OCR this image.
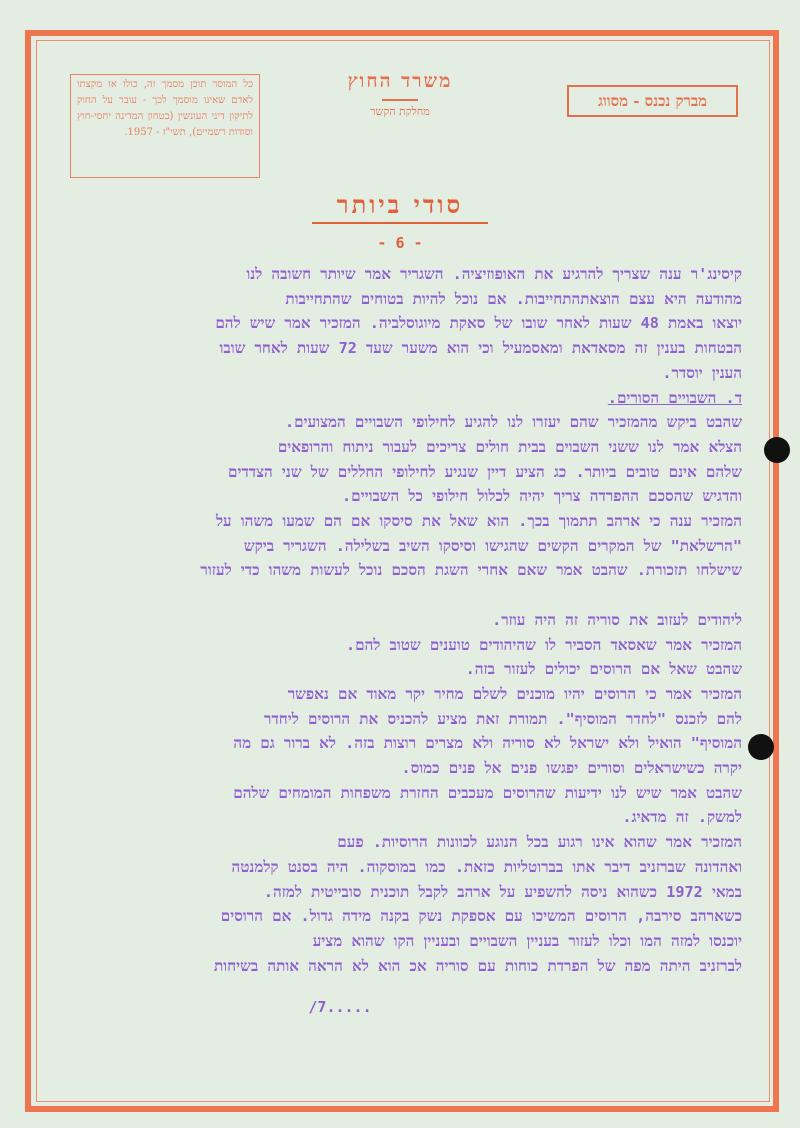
כל המוסר תוכן מסמך זה, כולו או מקצתו לאדם שאינו מוסמך לכך - עובר על החוק לתיקון דיני העונשין (בטחון המדינה יחסי-חוץ וסודות רשמיים), תשי"ז - 1957.
משרד החוץ
מחלקת הקשר
מברק נכנס - מסווג
סודי ביותר
- 6 -
קיסינג'ר ענה שצריך להרגיע את האופוזיציה. השגריר אמר שיותר חשובה לנו
מהודעה היא עצם הוצאתהתחייבות. אם נוכל להיות בטוחים שהתחייבות
יוצאו באמת 48 שעות לאחר שובו של סאקת מיוגוסלביה. המזכיר אמר שיש להם
הבטחות בענין זה מסאדאת ומאסמעיל וכי הוא משער שעד 72 שעות לאחר שובו
הענין יוסדר.
ד. השבויים הסורים.
שהבט ביקש מהמזכיר שהם יעזרו לנו להגיע לחילופי השבויים המצועים.
הצלא אמר לנו ששני השבוים בבית חולים צריכים לעבור ניתוח והרופאים
שלהם אינם טובים ביותר. כג הציע דיין שנגיע לחילופי החללים של שני הצדדים
והדגיש שהסכם ההפרדה צריך יהיה לכלול חילופי כל השבויים.
המזכיר ענה כי ארהב תתמוך בכך. הוא שאל את סיסקו אם הם שמעו משהו על
"הרשלאת" של המקרים הקשים שהגישו וסיסקו השיב בשלילה. השגריר ביקש
שישלחו תזכורת. שהבט אמר שאם אחרי השגת הסכם נוכל לעשות משהו כדי לעזור

ליהודים לעזוב את סוריה זה היה עוזר.
המזכיר אמר שאסאד הסביר לו שהיהודים טוענים שטוב להם.
שהבט שאל אם הרוסים יכולים לעזור בזה.
המזכיר אמר כי הרוסים יהיו מוכנים לשלם מחיר יקר מאוד אם נאפשר
להם לזכנס "לחדר המוסיף". תמורת זאת מציע להכניס את הרוסים ליחדר
המוסיף" הואיל ולא ישראל לא סוריה ולא מצרים רוצות בזה. לא ברור גם מה
יקרה כשישראלים וסורים יפגשו פנים אל פנים כמוס.
שהבט אמר שיש לנו ידיעות שהרוסים מעכבים החזרת משפחות המומחים שלהם
למשק. זה מדאיג.
המזכיר אמר שהוא אינו רגוע בכל הנוגע לכוונות הרוסיות. פעם
ואהדונה שברזניב דיבר אתו בברוטליות כזאת. כמו במוסקוה. היה בסנט קלמנטה
במאי 1972 כשהוא ניסה להשפיע על ארהב לקבל תוכנית סובייטית למזה.
כשארהב סירבה, הרוסים המשיכו עם אספקת נשק בקנה מידה גדול. אם הרוסים
יוכנסו למזה המו וכלו לעזור בעניין השבויים ובעניין הקו שהוא מציע
לברזניב היתה מפה של הפרדת כוחות עם סוריה אכ הוא לא הראה אותה בשיחות
/7.....
